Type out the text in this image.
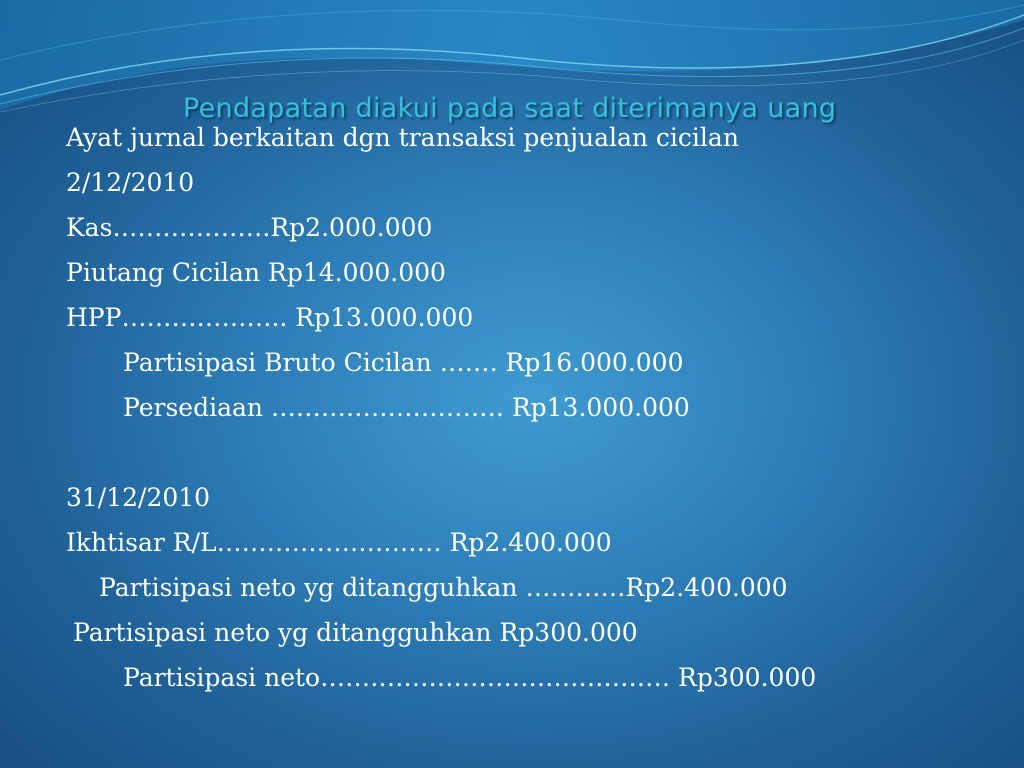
Ayat jurnal berkaitan dgn transaksi penjualan cicilan
2/12/2010
Kas……………….Rp2.000.000
Piutang Cicilan Rp14.000.000
HPP……………….. Rp13.000.000
Partisipasi Bruto Cicilan ……. Rp16.000.000
Persediaan ………………………. Rp13.000.000
31/12/2010
Ikhtisar R/L……………………… Rp2.400.000
Partisipasi neto yg ditangguhkan …………Rp2.400.000
Partisipasi neto yg ditangguhkan Rp300.000
Partisipasi neto…………………………………… Rp300.000
Pendapatan diakui pada saat diterimanya uang
